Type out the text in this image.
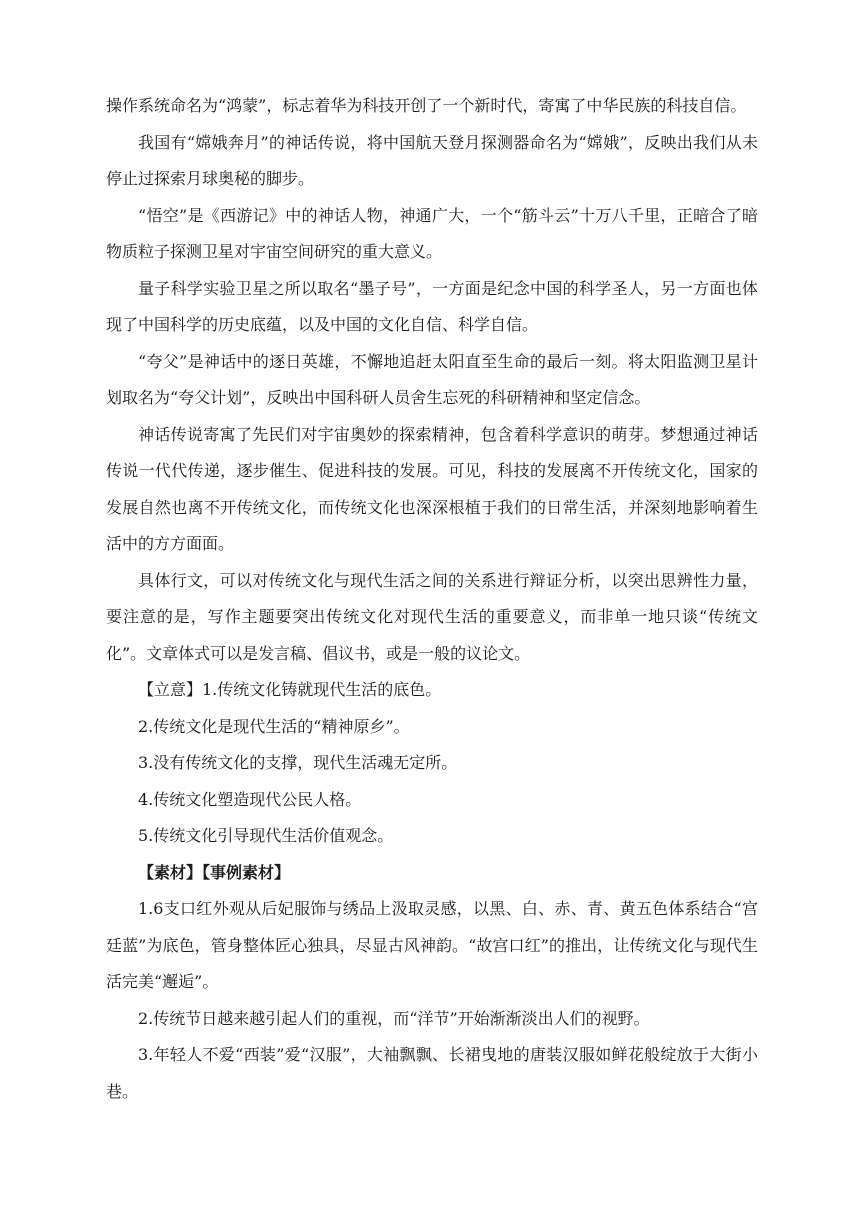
操作系统命名为“鸿蒙”，标志着华为科技开创了一个新时代，寄寓了中华民族的科技自信。

我国有“嫦娥奔月”的神话传说，将中国航天登月探测器命名为“嫦娥”，反映出我们从未停止过探索月球奥秘的脚步。

“悟空”是《西游记》中的神话人物，神通广大，一个“筋斗云”十万八千里，正暗合了暗物质粒子探测卫星对宇宙空间研究的重大意义。

量子科学实验卫星之所以取名“墨子号”，一方面是纪念中国的科学圣人，另一方面也体现了中国科学的历史底蕴，以及中国的文化自信、科学自信。

“夸父”是神话中的逐日英雄，不懈地追赶太阳直至生命的最后一刻。将太阳监测卫星计划取名为“夸父计划”，反映出中国科研人员舍生忘死的科研精神和坚定信念。

神话传说寄寓了先民们对宇宙奥妙的探索精神，包含着科学意识的萌芽。梦想通过神话传说一代代传递，逐步催生、促进科技的发展。可见，科技的发展离不开传统文化，国家的发展自然也离不开传统文化，而传统文化也深深根植于我们的日常生活，并深刻地影响着生活中的方方面面。

具体行文，可以对传统文化与现代生活之间的关系进行辩证分析，以突出思辨性力量，要注意的是，写作主题要突出传统文化对现代生活的重要意义，而非单一地只谈“传统文化”。文章体式可以是发言稿、倡议书，或是一般的议论文。

【立意】1.传统文化铸就现代生活的底色。

2.传统文化是现代生活的“精神原乡”。

3.没有传统文化的支撑，现代生活魂无定所。

4.传统文化塑造现代公民人格。

5.传统文化引导现代生活价值观念。

【素材】【事例素材】

1.6支口红外观从后妃服饰与绣品上汲取灵感，以黑、白、赤、青、黄五色体系结合“宫廷蓝”为底色，管身整体匠心独具，尽显古风神韵。“故宫口红”的推出，让传统文化与现代生活完美“邂逅”。

2.传统节日越来越引起人们的重视，而“洋节”开始渐渐淡出人们的视野。

3.年轻人不爱“西装”爱“汉服”，大袖飘飘、长裙曳地的唐装汉服如鲜花般绽放于大街小巷。
